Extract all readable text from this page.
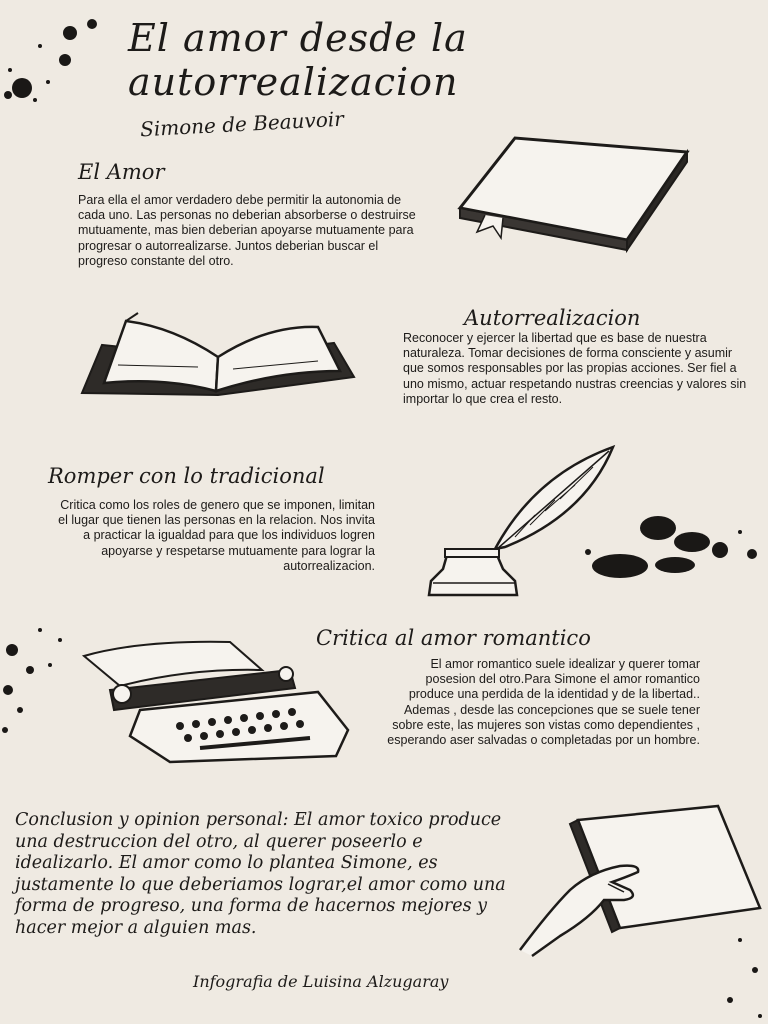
El amor desde la
autorrealizacion
Simone de Beauvoir
El Amor
Para ella el amor verdadero debe permitir la autonomia de cada uno. Las personas no deberian absorberse o destruirse mutuamente, mas bien deberian apoyarse mutuamente para progresar o autorrealizarse. Juntos deberian buscar el progreso constante del otro.
Autorrealizacion
Reconocer y ejercer la libertad que es base de nuestra naturaleza. Tomar decisiones de forma consciente y asumir que somos responsables por las propias acciones. Ser fiel a uno mismo, actuar respetando nustras creencias y valores sin importar lo que crea el resto.
Romper con lo tradicional
Critica como los roles de genero que se imponen, limitan el lugar que tienen las personas en la relacion. Nos invita a practicar la igualdad para que los individuos logren apoyarse y respetarse mutuamente para lograr la autorrealizacion.
Critica al amor romantico
El amor romantico suele idealizar y querer tomar posesion del otro.Para Simone el amor romantico produce una perdida de la identidad y de la libertad.. Ademas , desde las concepciones que se suele tener sobre este, las mujeres son vistas como dependientes , esperando aser salvadas o completadas por un hombre.
Conclusion y opinion personal: El amor toxico produce una destruccion del otro, al querer poseerlo e idealizarlo. El amor como lo plantea Simone, es justamente lo que deberiamos lograr,el amor como una forma de progreso, una forma de hacernos mejores y hacer mejor a alguien mas.
Infografia de Luisina Alzugaray
